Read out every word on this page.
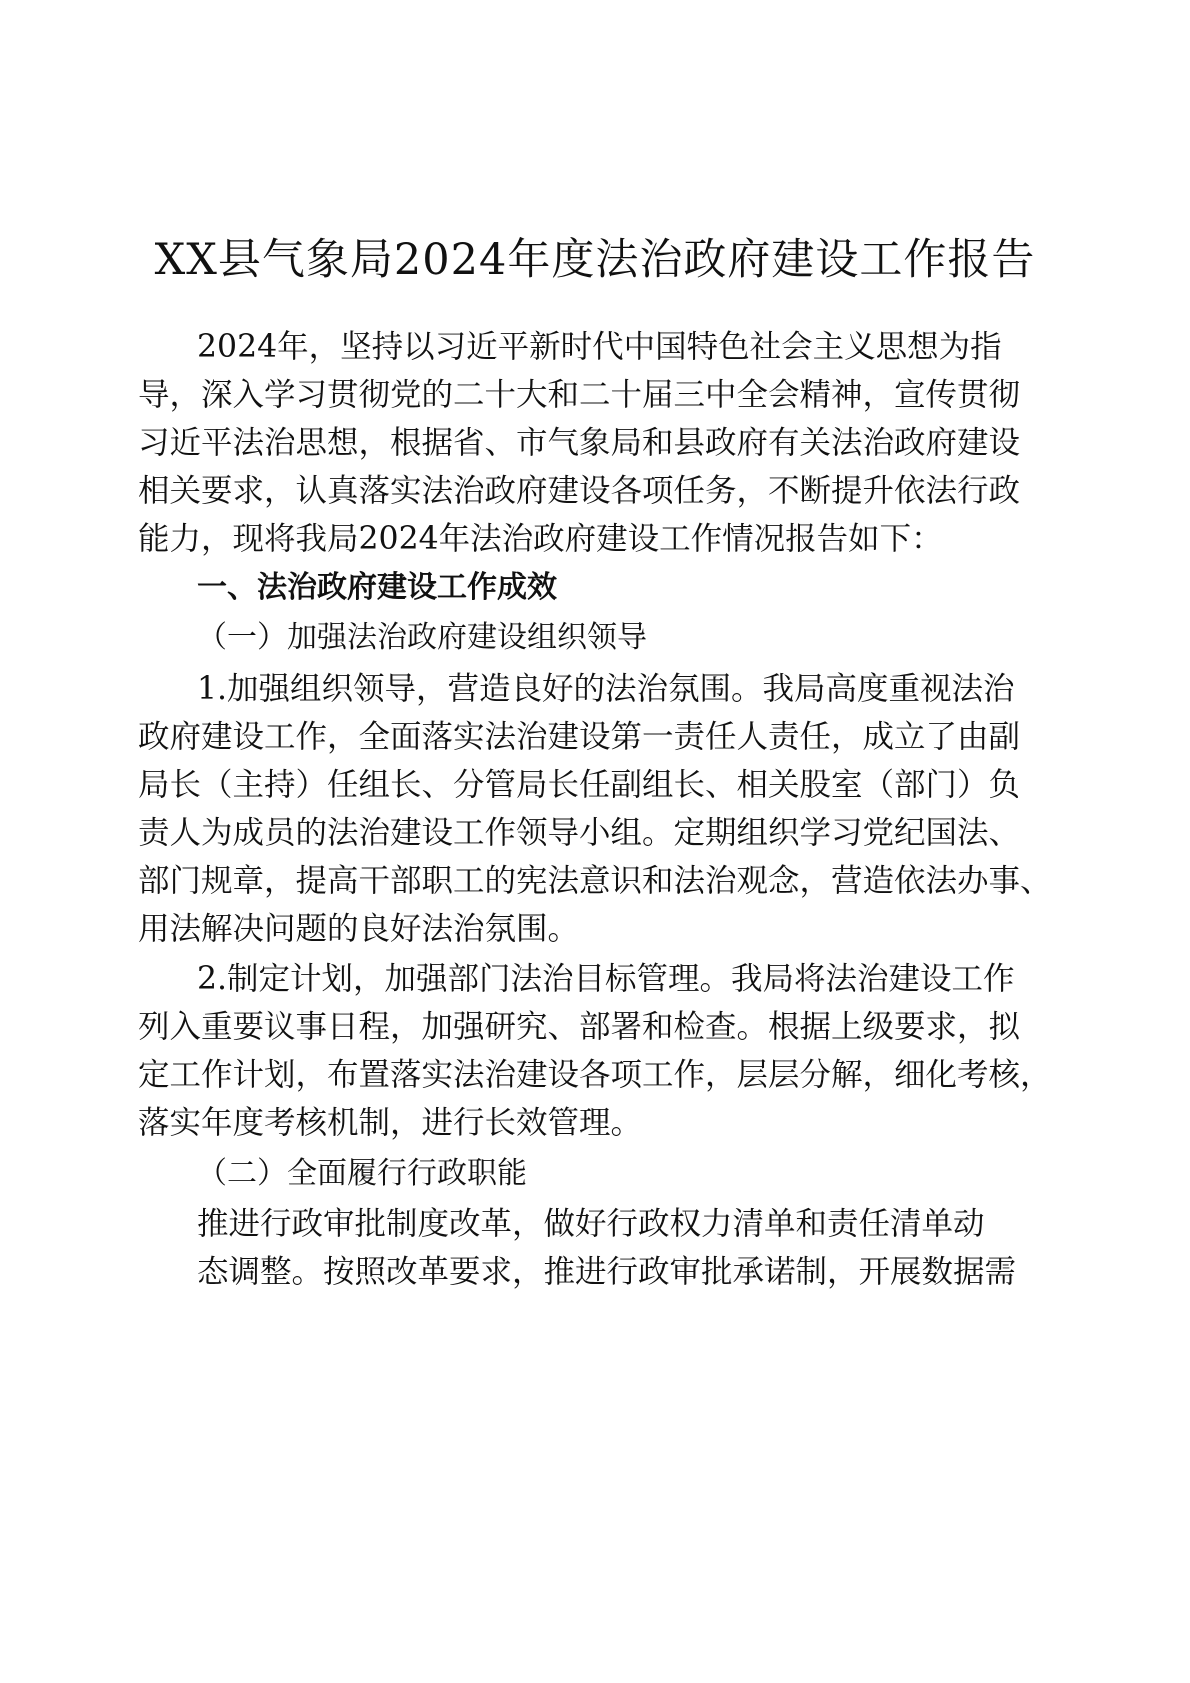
XX县气象局2024年度法治政府建设工作报告
2024年，坚持以习近平新时代中国特色社会主义思想为指
导，深入学习贯彻党的二十大和二十届三中全会精神，宣传贯彻
习近平法治思想，根据省、市气象局和县政府有关法治政府建设
相关要求，认真落实法治政府建设各项任务，不断提升依法行政
能力，现将我局2024年法治政府建设工作情况报告如下：
一、法治政府建设工作成效
（一）加强法治政府建设组织领导
1.加强组织领导，营造良好的法治氛围。我局高度重视法治
政府建设工作，全面落实法治建设第一责任人责任，成立了由副
局长（主持）任组长、分管局长任副组长、相关股室（部门）负
责人为成员的法治建设工作领导小组。定期组织学习党纪国法、
部门规章，提高干部职工的宪法意识和法治观念，营造依法办事、
用法解决问题的良好法治氛围。
2.制定计划，加强部门法治目标管理。我局将法治建设工作
列入重要议事日程，加强研究、部署和检查。根据上级要求，拟
定工作计划，布置落实法治建设各项工作，层层分解，细化考核，
落实年度考核机制，进行长效管理。
（二）全面履行行政职能
推进行政审批制度改革，做好行政权力清单和责任清单动
态调整。按照改革要求，推进行政审批承诺制，开展数据需
